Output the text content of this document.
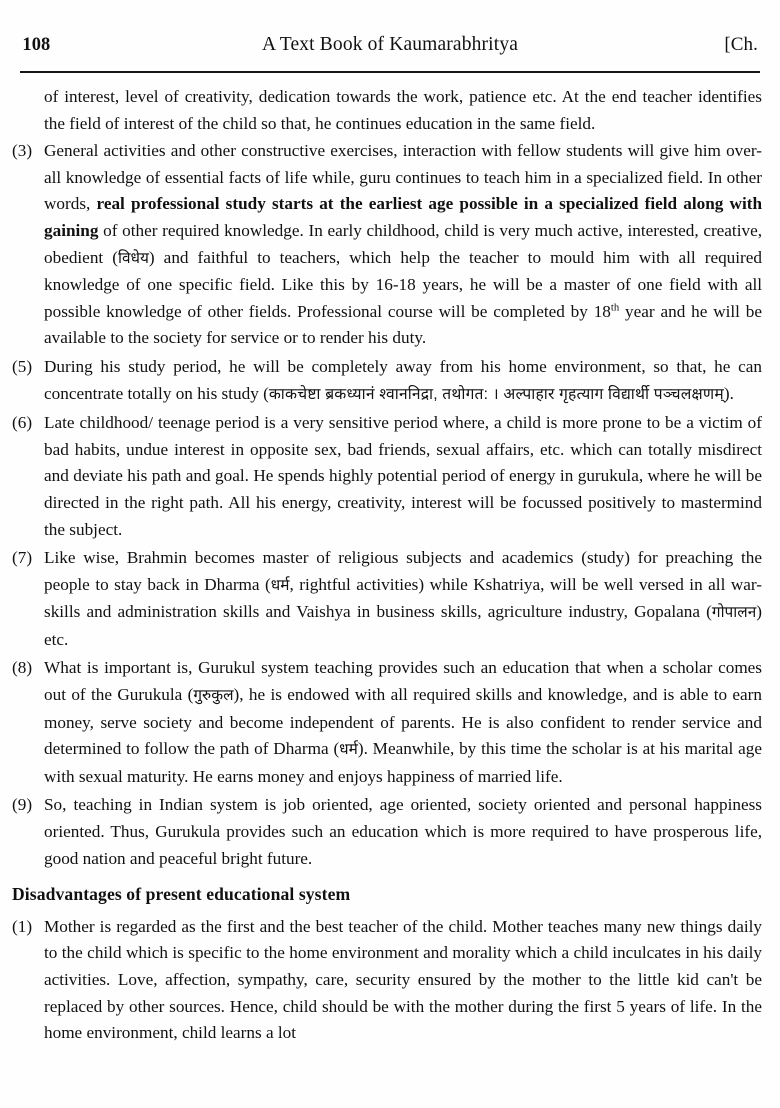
108	A Text Book of Kaumarabhritya	[Ch.

of interest, level of creativity, dedication towards the work, patience etc. At the end teacher identifies the field of interest of the child so that, he continues education in the same field.

(3) General activities and other constructive exercises, interaction with fellow students will give him over-all knowledge of essential facts of life while, guru continues to teach him in a specialized field. In other words, real professional study starts at the earliest age possible in a specialized field along with gaining of other required knowledge. In early childhood, child is very much active, interested, creative, obedient (विधेय) and faithful to teachers, which help the teacher to mould him with all required knowledge of one specific field. Like this by 16-18 years, he will be a master of one field with all possible knowledge of other fields. Professional course will be completed by 18th year and he will be available to the society for service or to render his duty.

(5) During his study period, he will be completely away from his home environment, so that, he can concentrate totally on his study (काकचेष्टा ब्रकध्यानं श्वाननिद्रा, तथोगत: । अल्पाहार गृहत्याग विद्यार्थी पञ्चलक्षणम्).

(6) Late childhood/ teenage period is a very sensitive period where, a child is more prone to be a victim of bad habits, undue interest in opposite sex, bad friends, sexual affairs, etc. which can totally misdirect and deviate his path and goal. He spends highly potential period of energy in gurukula, where he will be directed in the right path. All his energy, creativity, interest will be focussed positively to mastermind the subject.

(7) Like wise, Brahmin becomes master of religious subjects and academics (study) for preaching the people to stay back in Dharma (धर्म, rightful activities) while Kshatriya, will be well versed in all war-skills and administration skills and Vaishya in business skills, agriculture industry, Gopalana (गोपालन) etc.

(8) What is important is, Gurukul system teaching provides such an education that when a scholar comes out of the Gurukula (गुरुकुल), he is endowed with all required skills and knowledge, and is able to earn money, serve society and become independent of parents. He is also confident to render service and determined to follow the path of Dharma (धर्म). Meanwhile, by this time the scholar is at his marital age with sexual maturity. He earns money and enjoys happiness of married life.

(9) So, teaching in Indian system is job oriented, age oriented, society oriented and personal happiness oriented. Thus, Gurukula provides such an education which is more required to have prosperous life, good nation and peaceful bright future.

Disadvantages of present educational system

(1) Mother is regarded as the first and the best teacher of the child. Mother teaches many new things daily to the child which is specific to the home environment and morality which a child inculcates in his daily activities. Love, affection, sympathy, care, security ensured by the mother to the little kid can't be replaced by other sources. Hence, child should be with the mother during the first 5 years of life. In the home environment, child learns a lot
